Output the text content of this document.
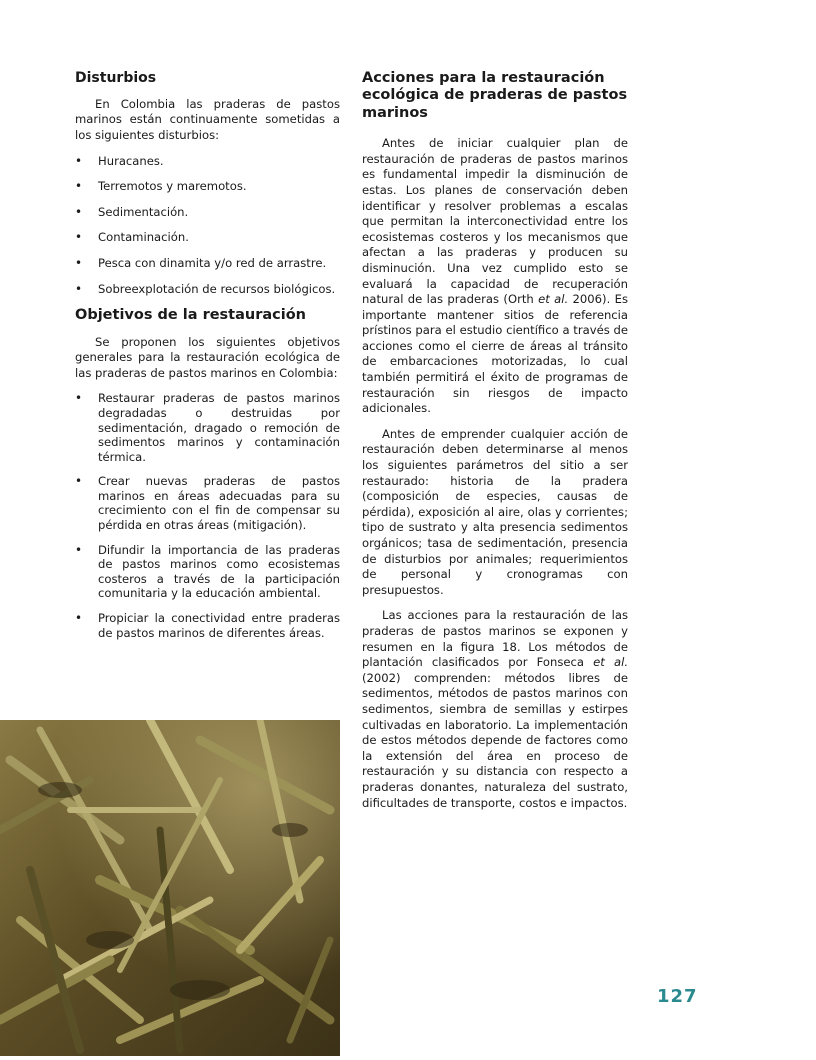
Disturbios

En Colombia las praderas de pastos marinos están continuamente sometidas a los siguientes disturbios:

• Huracanes.
• Terremotos y maremotos.
• Sedimentación.
• Contaminación.
• Pesca con dinamita y/o red de arrastre.
• Sobreexplotación de recursos biológicos.
Objetivos de la restauración

Se proponen los siguientes objetivos generales para la restauración ecológica de las praderas de pastos marinos en Colombia:

• Restaurar praderas de pastos marinos degradadas o destruidas por sedimentación, dragado o remoción de sedimentos marinos y contaminación térmica.
• Crear nuevas praderas de pastos marinos en áreas adecuadas para su crecimiento con el fin de compensar su pérdida en otras áreas (mitigación).
• Difundir la importancia de las praderas de pastos marinos como ecosistemas costeros a través de la participación comunitaria y la educación ambiental.
• Propiciar la conectividad entre praderas de pastos marinos de diferentes áreas.
Acciones para la restauración ecológica de praderas de pastos marinos

Antes de iniciar cualquier plan de restauración de praderas de pastos marinos es fundamental impedir la disminución de estas. Los planes de conservación deben identificar y resolver problemas a escalas que permitan la interconectividad entre los ecosistemas costeros y los mecanismos que afectan a las praderas y producen su disminución. Una vez cumplido esto se evaluará la capacidad de recuperación natural de las praderas (Orth et al. 2006). Es importante mantener sitios de referencia prístinos para el estudio científico a través de acciones como el cierre de áreas al tránsito de embarcaciones motorizadas, lo cual también permitirá el éxito de programas de restauración sin riesgos de impacto adicionales.

Antes de emprender cualquier acción de restauración deben determinarse al menos los siguientes parámetros del sitio a ser restaurado: historia de la pradera (composición de especies, causas de pérdida), exposición al aire, olas y corrientes; tipo de sustrato y alta presencia sedimentos orgánicos; tasa de sedimentación, presencia de disturbios por animales; requerimientos de personal y cronogramas con presupuestos.

Las acciones para la restauración de las praderas de pastos marinos se exponen y resumen en la figura 18. Los métodos de plantación clasificados por Fonseca et al. (2002) comprenden: métodos libres de sedimentos, métodos de pastos marinos con sedimentos, siembra de semillas y estirpes cultivadas en laboratorio. La implementación de estos métodos depende de factores como la extensión del área en proceso de restauración y su distancia con respecto a praderas donantes, naturaleza del sustrato, dificultades de transporte, costos e impactos.

127
